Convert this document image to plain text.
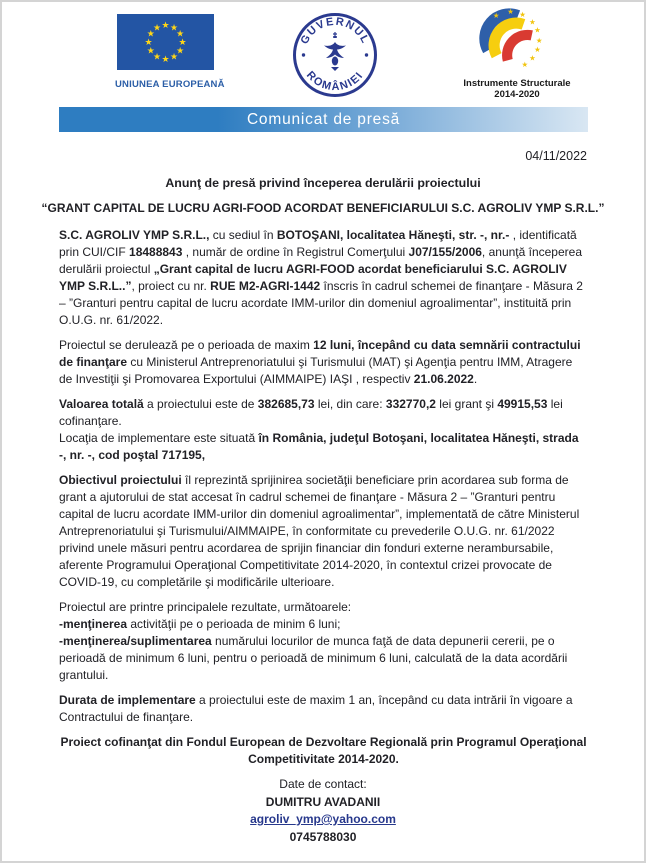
★ ★
★
★
★
★
★
★
★
★
★
★
UNIUNEA EUROPEANĂ
GUVERNUL
ROMÂNIEI
★ ★ ★
★
★
★
★
★
★
Instrumente Structurale
2014-2020
Comunicat de presă
04/11/2022
Anunţ de presă privind începerea derulării proiectului
“GRANT CAPITAL DE LUCRU AGRI-FOOD ACORDAT BENEFICIARULUI S.C. AGROLIV YMP S.R.L.”

S.C. AGROLIV YMP S.R.L., cu sediul în BOTOŞANI, localitatea Hăneşti, str. -, nr.- , identificată prin CUI/CIF 18488843 , număr de ordine în Registrul Comerţului J07/155/2006, anunţă începerea derulării proiectul „Grant capital de lucru AGRI-FOOD acordat beneficiarului S.C. AGROLIV YMP S.R.L..”, proiect cu nr. RUE M2-AGRI-1442 înscris în cadrul schemei de finanţare - Măsura 2 – ”Granturi pentru capital de lucru acordate IMM-urilor din domeniul agroalimentar”, instituită prin O.U.G. nr. 61/2022.

Proiectul se derulează pe o perioada de maxim 12 luni, începând cu data semnării contractului de finanţare cu Ministerul Antreprenoriatului şi Turismului (MAT) şi Agenţia pentru IMM, Atragere de Investiţii şi Promovarea Exportului (AIMMAIPE) IAŞI , respectiv 21.06.2022.

Valoarea totală a proiectului este de 382685,73 lei, din care: 332770,2 lei grant şi 49915,53 lei cofinanţare.

Locaţia de implementare este situată în România, judeţul Botoşani, localitatea Hăneşti, strada -, nr. -, cod poştal 717195,

Obiectivul proiectului îl reprezintă sprijinirea societăţii beneficiare prin acordarea sub forma de grant a ajutorului de stat accesat în cadrul schemei de finanţare - Măsura 2 – ”Granturi pentru capital de lucru acordate IMM-urilor din domeniul agroalimentar”, implementată de către Ministerul Antreprenoriatului şi Turismului/AIMMAIPE, în conformitate cu prevederile O.U.G. nr. 61/2022 privind unele măsuri pentru acordarea de sprijin financiar din fonduri externe nerambursabile, aferente Programului Operaţional Competitivitate 2014-2020, în contextul crizei provocate de COVID-19, cu completările şi modificările ulterioare.

Proiectul are printre principalele rezultate, următoarele:

-menţinerea activităţii pe o perioada de minim 6 luni;

-menţinerea/suplimentarea numărului locurilor de munca faţă de data depunerii cererii, pe o perioadă de minimum 6 luni, pentru o perioadă de minimum 6 luni, calculată de la data acordării grantului.

Durata de implementare a proiectului este de maxim 1 an, începând cu data intrării în vigoare a Contractului de finanţare.

Proiect cofinanţat din Fondul European de Dezvoltare Regională prin Programul Operaţional Competitivitate 2014-2020.

Date de contact:
DUMITRU AVADANII
agroliv_ymp@yahoo.com
0745788030
